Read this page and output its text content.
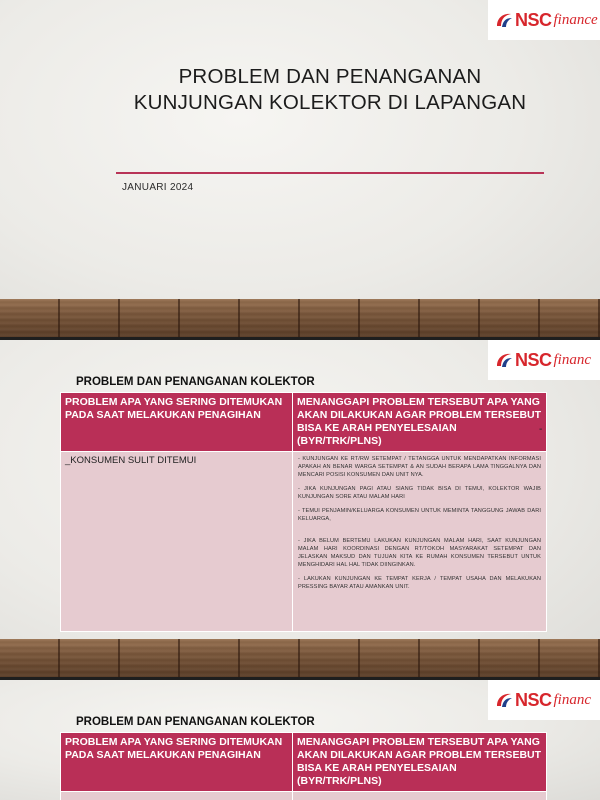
NSC finance
PROBLEM DAN PENANGANAN
KUNJUNGAN KOLEKTOR DI LAPANGAN
JANUARI 2024
NSC financ
PROBLEM DAN PENANGANAN KOLEKTOR
PROBLEM APA YANG SERING DITEMUKAN PADA SAAT MELAKUKAN PENAGIHAN	MENANGGAPI PROBLEM TERSEBUT APA YANG AKAN DILAKUKAN AGAR PROBLEM TERSEBUT BISA KE ARAH PENYELESAIAN (BYR/TRK/PLNS)
_KONSUMEN SULIT DITEMUI	- KUNJUNGAN KE RT/RW SETEMPAT / TETANGGA UNTUK MENDAPATKAN INFORMASI APAKAH AN BENAR WARGA SETEMPAT & AN SUDAH BERAPA LAMA TINGGALNYA DAN MENCARI POSISI KONSUMEN DAN UNIT NYA.

- JIKA KUNJUNGAN PAGI ATAU SIANG TIDAK BISA DI TEMUI, KOLEKTOR WAJIB KUNJUNGAN SORE ATAU MALAM HARI

- TEMUI PENJAMIN/KELUARGA KONSUMEN UNTUK MEMINTA TANGGUNG JAWAB DARI KELUARGA,

- JIKA BELUM BERTEMU LAKUKAN KUNJUNGAN MALAM HARI, SAAT KUNJUNGAN MALAM HARI KOORDINASI DENGAN RT/TOKOH MASYARAKAT SETEMPAT DAN JELASKAN MAKSUD DAN TUJUAN KITA KE RUMAH KONSUMEN TERSEBUT UNTUK MENGHIDARI HAL HAL TIDAK DIINGINKAN.

- LAKUKAN KUNJUNGAN KE TEMPAT KERJA / TEMPAT USAHA DAN MELAKUKAN PRESSING BAYAR ATAU AMANKAN UNIT.

-
NSC financ
PROBLEM DAN PENANGANAN KOLEKTOR
PROBLEM APA YANG SERING DITEMUKAN PADA SAAT MELAKUKAN PENAGIHAN	MENANGGAPI PROBLEM TERSEBUT APA YANG AKAN DILAKUKAN AGAR PROBLEM TERSEBUT BISA KE ARAH PENYELESAIAN (BYR/TRK/PLNS)
